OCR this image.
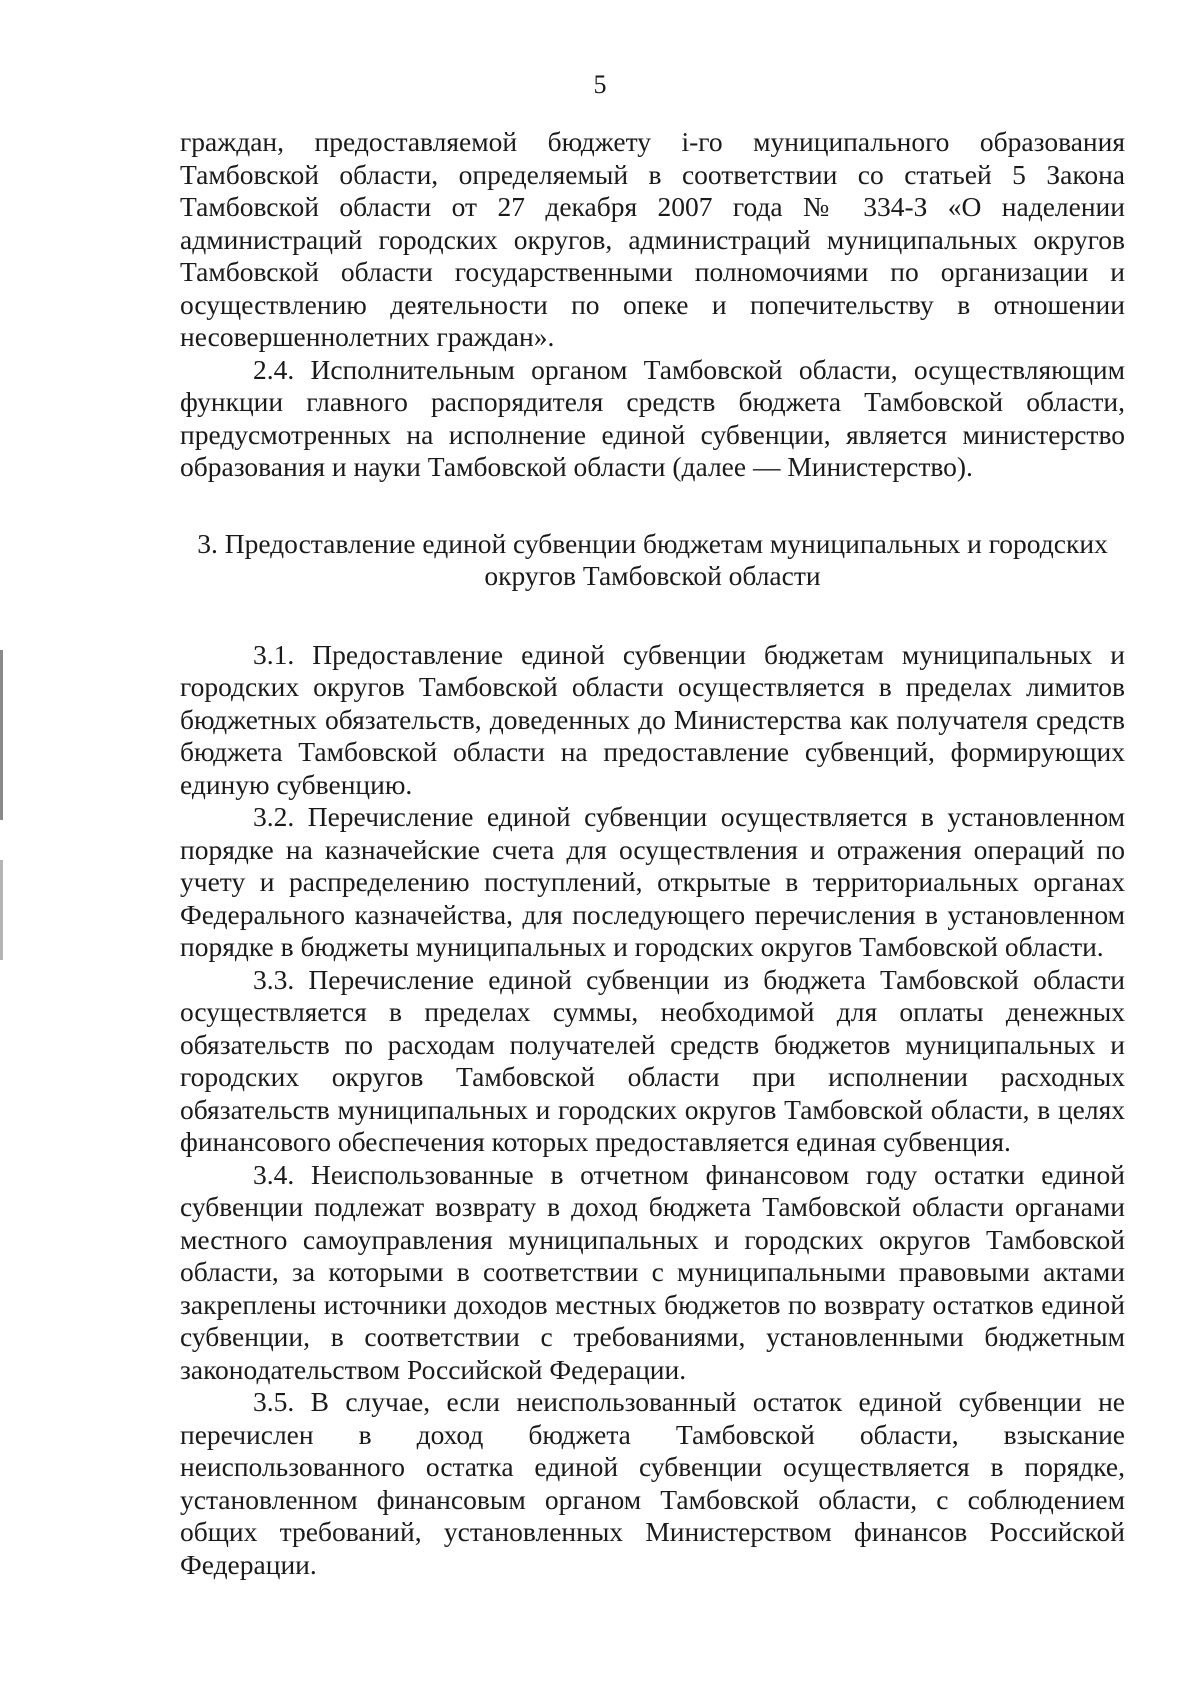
5

граждан, предоставляемой бюджету i-го муниципального образования Тамбовской области, определяемый в соответствии со статьей 5 Закона Тамбовской области от 27 декабря 2007 года № 334-З «О наделении администраций городских округов, администраций муниципальных округов Тамбовской области государственными полномочиями по организации и осуществлению деятельности по опеке и попечительству в отношении несовершеннолетних граждан».

2.4. Исполнительным органом Тамбовской области, осуществляющим функции главного распорядителя средств бюджета Тамбовской области, предусмотренных на исполнение единой субвенции, является министерство образования и науки Тамбовской области (далее — Министерство).

3. Предоставление единой субвенции бюджетам муниципальных и городских округов Тамбовской области

3.1. Предоставление единой субвенции бюджетам муниципальных и городских округов Тамбовской области осуществляется в пределах лимитов бюджетных обязательств, доведенных до Министерства как получателя средств бюджета Тамбовской области на предоставление субвенций, формирующих единую субвенцию.

3.2. Перечисление единой субвенции осуществляется в установленном порядке на казначейские счета для осуществления и отражения операций по учету и распределению поступлений, открытые в территориальных органах Федерального казначейства, для последующего перечисления в установленном порядке в бюджеты муниципальных и городских округов Тамбовской области.

3.3. Перечисление единой субвенции из бюджета Тамбовской области осуществляется в пределах суммы, необходимой для оплаты денежных обязательств по расходам получателей средств бюджетов муниципальных и городских округов Тамбовской области при исполнении расходных обязательств муниципальных и городских округов Тамбовской области, в целях финансового обеспечения которых предоставляется единая субвенция.

3.4. Неиспользованные в отчетном финансовом году остатки единой субвенции подлежат возврату в доход бюджета Тамбовской области органами местного самоуправления муниципальных и городских округов Тамбовской области, за которыми в соответствии с муниципальными правовыми актами закреплены источники доходов местных бюджетов по возврату остатков единой субвенции, в соответствии с требованиями, установленными бюджетным законодательством Российской Федерации.

3.5. В случае, если неиспользованный остаток единой субвенции не перечислен в доход бюджета Тамбовской области, взыскание неиспользованного остатка единой субвенции осуществляется в порядке, установленном финансовым органом Тамбовской области, с соблюдением общих требований, установленных Министерством финансов Российской Федерации.
